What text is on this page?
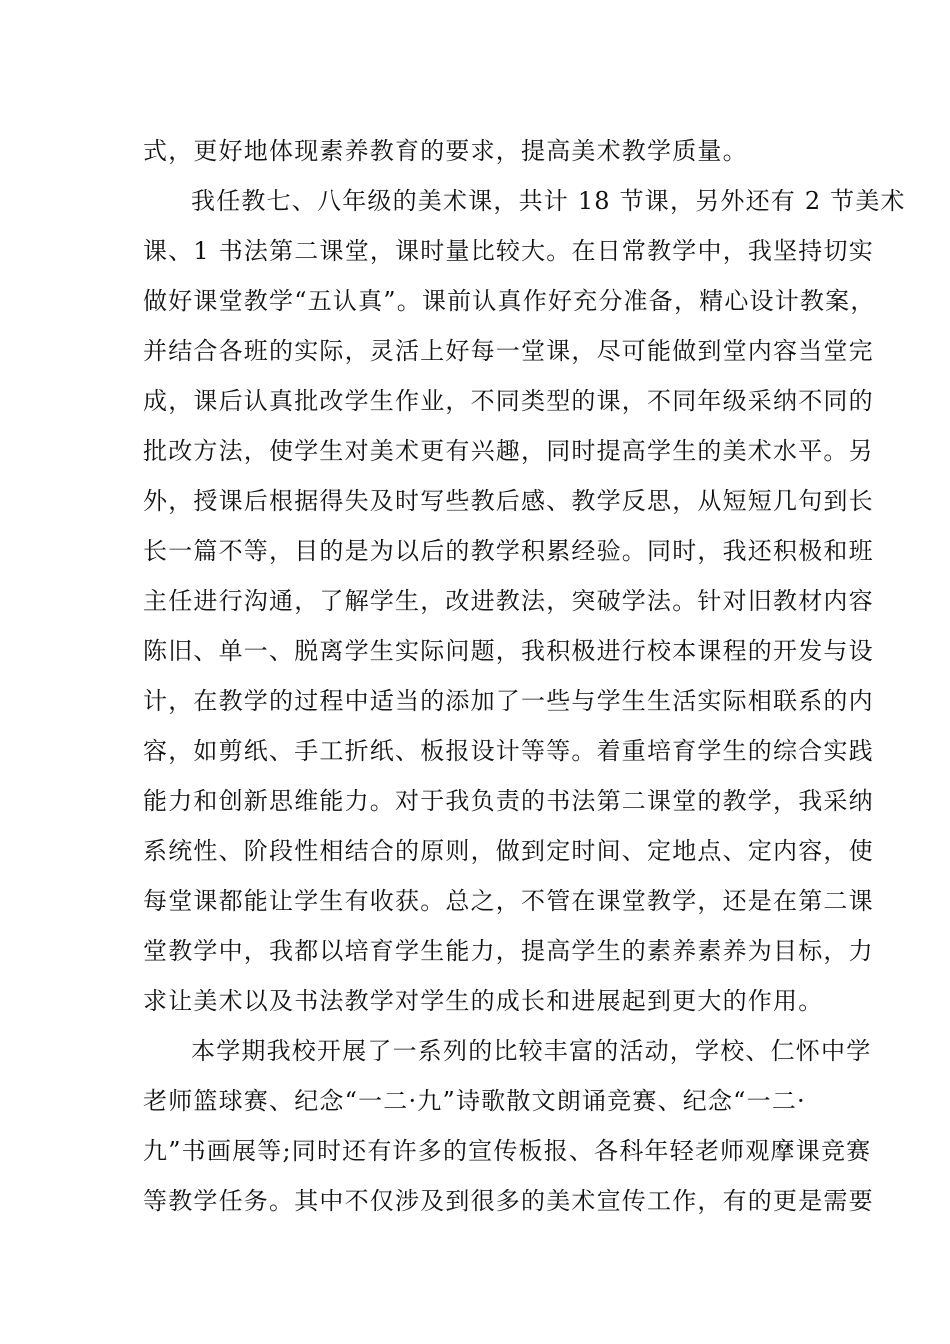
式，更好地体现素养教育的要求，提高美术教学质量。
我任教七、八年级的美术课，共计 18 节课，另外还有 2 节美术
课、1 书法第二课堂，课时量比较大。在日常教学中，我坚持切实
做好课堂教学“五认真”。课前认真作好充分准备，精心设计教案，
并结合各班的实际，灵活上好每一堂课，尽可能做到堂内容当堂完
成，课后认真批改学生作业，不同类型的课，不同年级采纳不同的
批改方法，使学生对美术更有兴趣，同时提高学生的美术水平。另
外，授课后根据得失及时写些教后感、教学反思，从短短几句到长
长一篇不等，目的是为以后的教学积累经验。同时，我还积极和班
主任进行沟通，了解学生，改进教法，突破学法。针对旧教材内容
陈旧、单一、脱离学生实际问题，我积极进行校本课程的开发与设
计，在教学的过程中适当的添加了一些与学生生活实际相联系的内
容，如剪纸、手工折纸、板报设计等等。着重培育学生的综合实践
能力和创新思维能力。对于我负责的书法第二课堂的教学，我采纳
系统性、阶段性相结合的原则，做到定时间、定地点、定内容，使
每堂课都能让学生有收获。总之，不管在课堂教学，还是在第二课
堂教学中，我都以培育学生能力，提高学生的素养素养为目标，力
求让美术以及书法教学对学生的成长和进展起到更大的作用。
本学期我校开展了一系列的比较丰富的活动，学校、仁怀中学
老师篮球赛、纪念“一二·九”诗歌散文朗诵竞赛、纪念“一二·
九”书画展等;同时还有许多的宣传板报、各科年轻老师观摩课竞赛
等教学任务。其中不仅涉及到很多的美术宣传工作，有的更是需要
